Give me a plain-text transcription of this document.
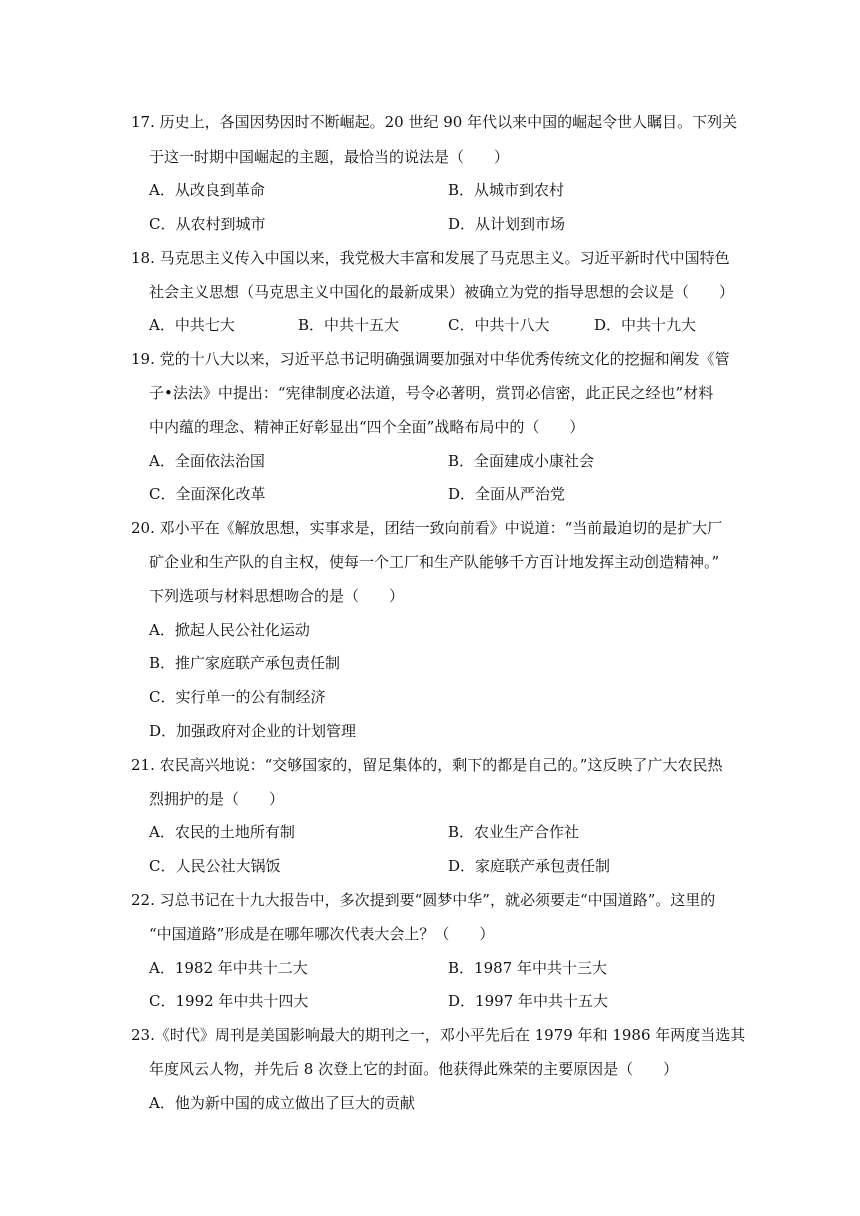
17. 历史上，各国因势因时不断崛起。20 世纪 90 年代以来中国的崛起令世人瞩目。下列关
于这一时期中国崛起的主题，最恰当的说法是（　　）
A．从改良到革命	B．从城市到农村
C．从农村到城市	D．从计划到市场
18. 马克思主义传入中国以来，我党极大丰富和发展了马克思主义。习近平新时代中国特色
社会主义思想（马克思主义中国化的最新成果）被确立为党的指导思想的会议是（　　）
A．中共七大	B．中共十五大	C．中共十八大	D．中共十九大
19. 党的十八大以来，习近平总书记明确强调要加强对中华优秀传统文化的挖掘和阐发《管
子•法法》中提出：“宪律制度必法道，号令必著明，赏罚必信密，此正民之经也”材料
中内蕴的理念、精神正好彰显出“四个全面”战略布局中的（　　）
A．全面依法治国	B．全面建成小康社会
C．全面深化改革	D．全面从严治党
20. 邓小平在《解放思想，实事求是，团结一致向前看》中说道：“当前最迫切的是扩大厂
矿企业和生产队的自主权，使每一个工厂和生产队能够千方百计地发挥主动创造精神。”
下列选项与材料思想吻合的是（　　）
A．掀起人民公社化运动
B．推广家庭联产承包责任制
C．实行单一的公有制经济
D．加强政府对企业的计划管理
21. 农民高兴地说：“交够国家的，留足集体的，剩下的都是自己的。”这反映了广大农民热
烈拥护的是（　　）
A．农民的土地所有制	B．农业生产合作社
C．人民公社大锅饭	D．家庭联产承包责任制
22. 习总书记在十九大报告中，多次提到要“圆梦中华”，就必须要走“中国道路”。这里的
“中国道路”形成是在哪年哪次代表大会上？（　　）
A．1982 年中共十二大	B．1987 年中共十三大
C．1992 年中共十四大	D．1997 年中共十五大
23.《时代》周刊是美国影响最大的期刊之一，邓小平先后在 1979 年和 1986 年两度当选其
年度风云人物，并先后 8 次登上它的封面。他获得此殊荣的主要原因是（　　）
A．他为新中国的成立做出了巨大的贡献
